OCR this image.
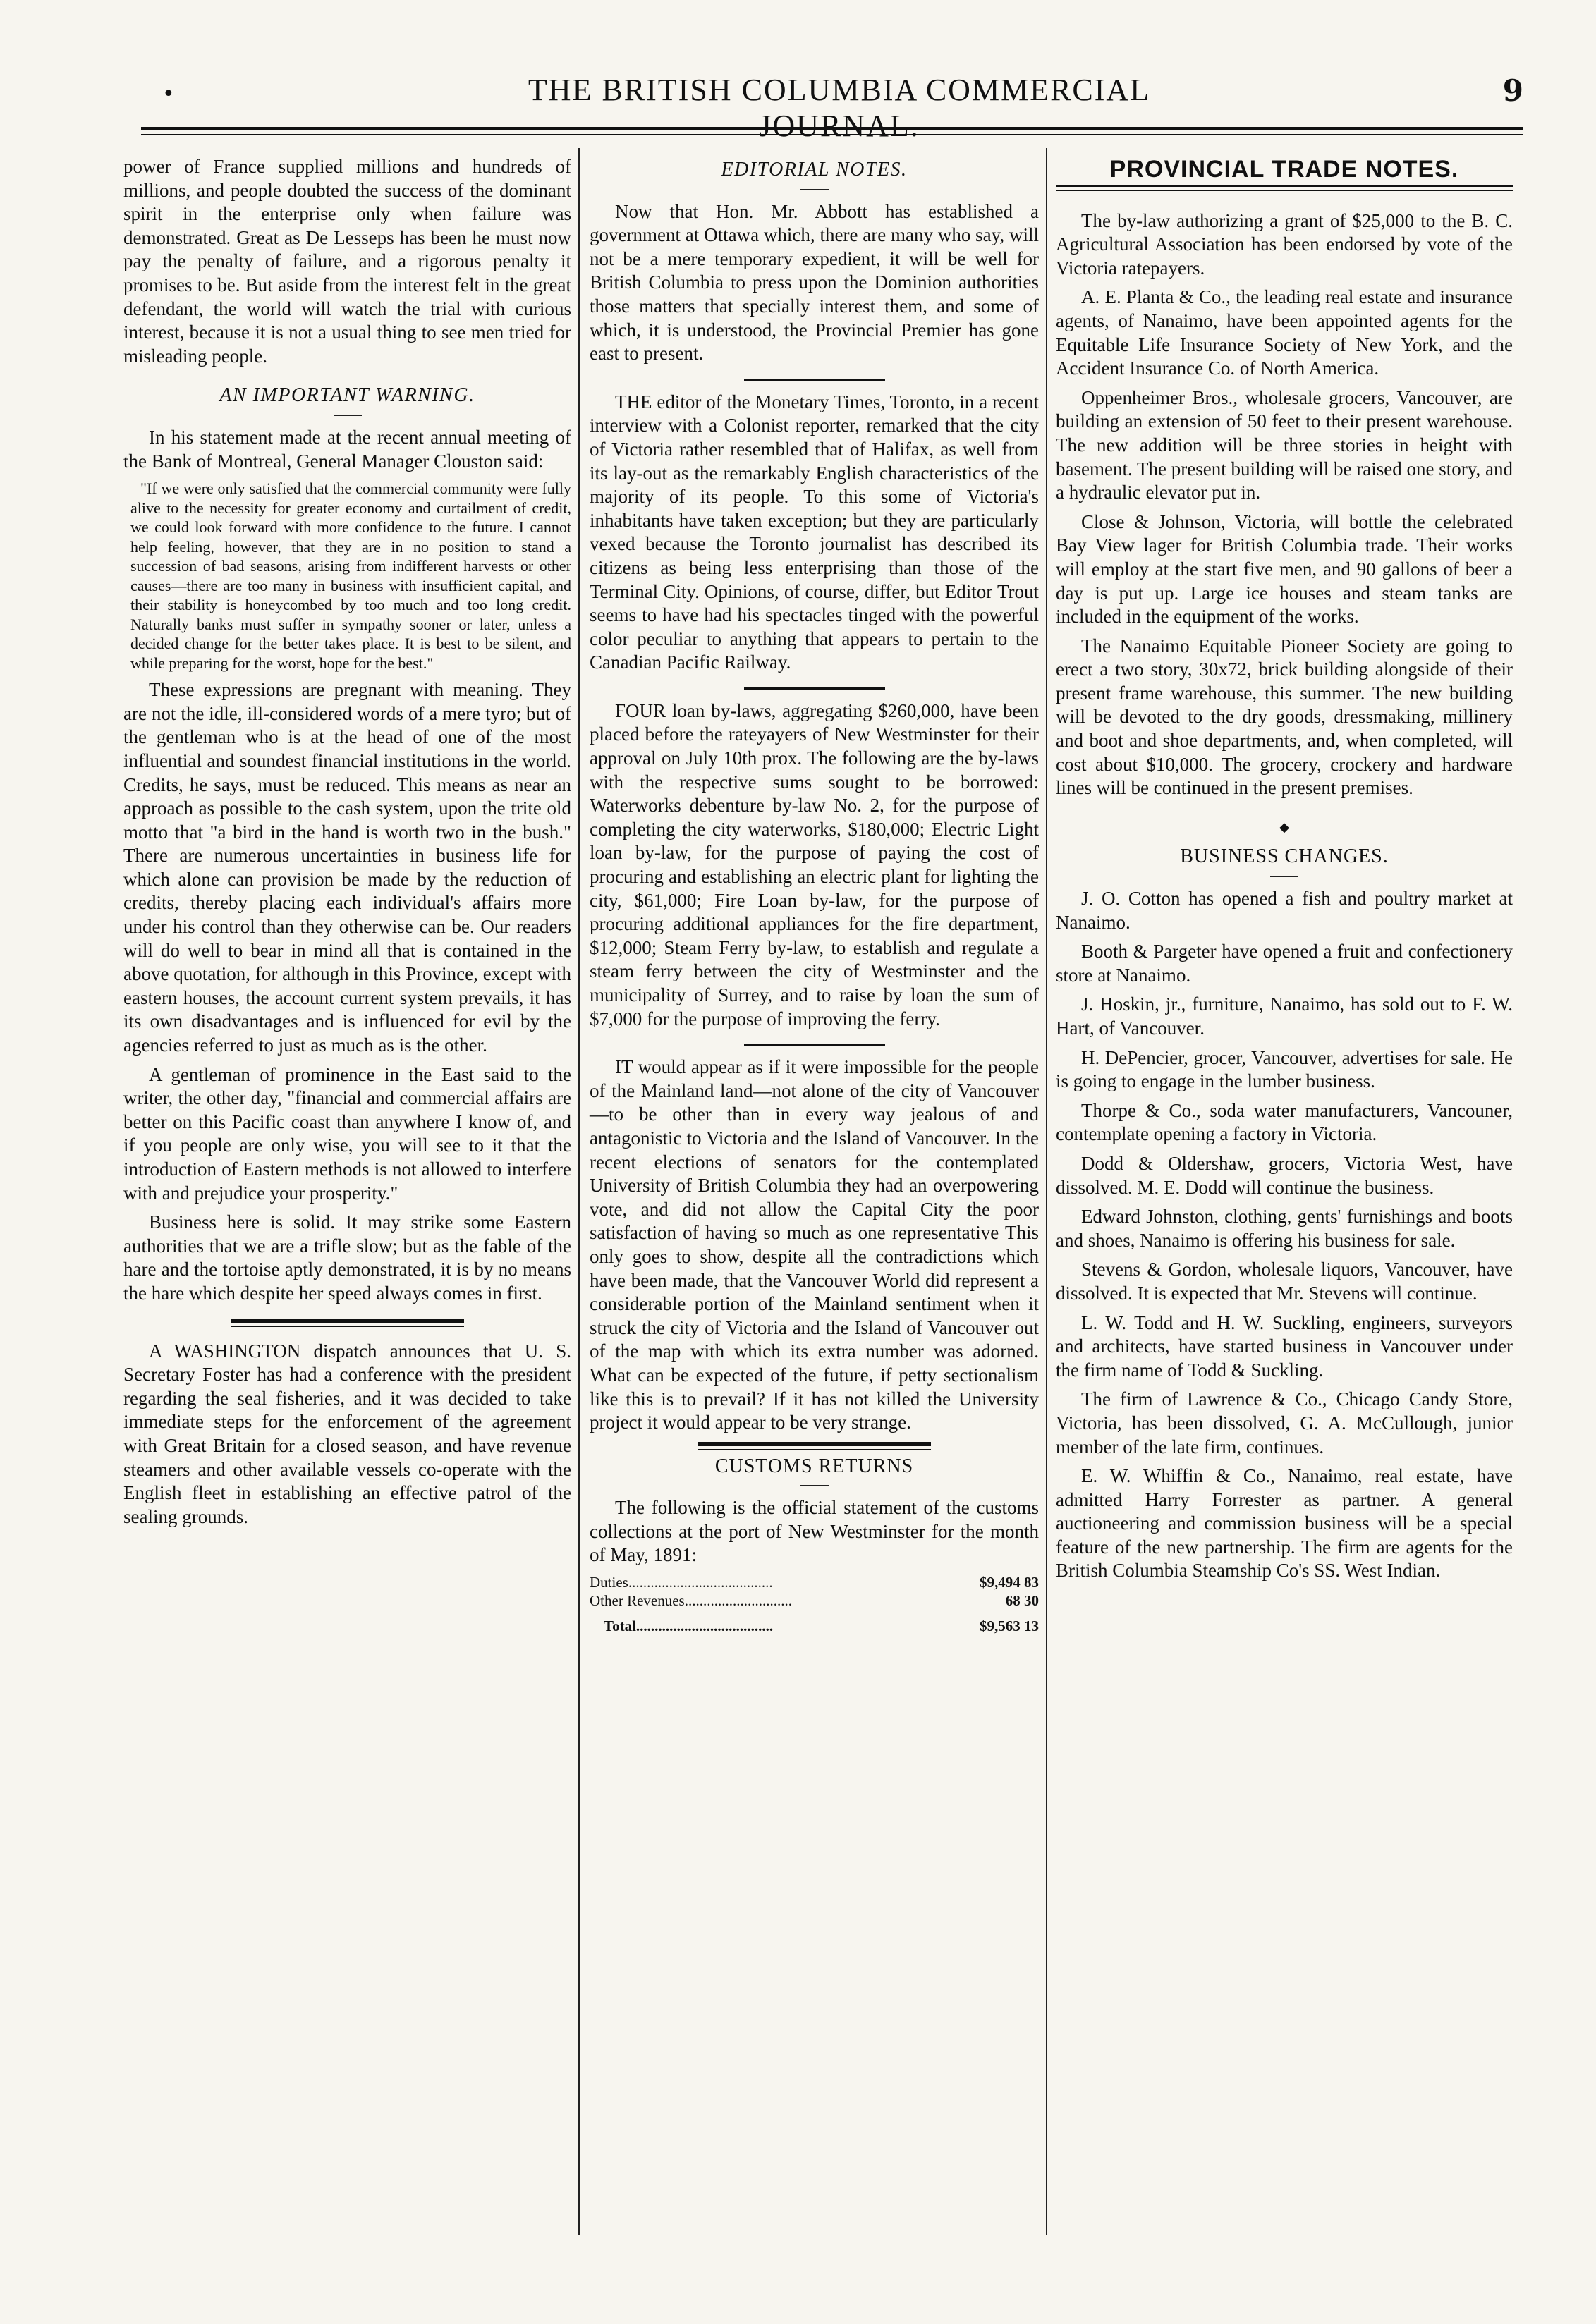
•	THE BRITISH COLUMBIA COMMERCIAL JOURNAL.
9

power of France supplied millions and hundreds of millions, and people doubted the success of the dominant spirit in the enterprise only when failure was demonstrated. Great as De Lesseps has been he must now pay the penalty of failure, and a rigorous penalty it promises to be. But aside from the interest felt in the great defendant, the world will watch the trial with curious interest, because it is not a usual thing to see men tried for misleading people.

AN IMPORTANT WARNING.

In his statement made at the recent annual meeting of the Bank of Montreal, General Manager Clouston said:

"If we were only satisfied that the commercial community were fully alive to the necessity for greater economy and curtailment of credit, we could look forward with more confidence to the future. I cannot help feeling, however, that they are in no position to stand a succession of bad seasons, arising from indifferent harvests or other causes—there are too many in business with insufficient capital, and their stability is honeycombed by too much and too long credit. Naturally banks must suffer in sympathy sooner or later, unless a decided change for the better takes place. It is best to be silent, and while preparing for the worst, hope for the best."

These expressions are pregnant with meaning. They are not the idle, ill-considered words of a mere tyro; but of the gentleman who is at the head of one of the most influential and soundest financial institutions in the world. Credits, he says, must be reduced. This means as near an approach as possible to the cash system, upon the trite old motto that "a bird in the hand is worth two in the bush." There are numerous uncertainties in business life for which alone can provision be made by the reduction of credits, thereby placing each individual's affairs more under his control than they otherwise can be. Our readers will do well to bear in mind all that is contained in the above quotation, for although in this Province, except with eastern houses, the account current system prevails, it has its own disadvantages and is influenced for evil by the agencies referred to just as much as is the other.

A gentleman of prominence in the East said to the writer, the other day, "financial and commercial affairs are better on this Pacific coast than anywhere I know of, and if you people are only wise, you will see to it that the introduction of Eastern methods is not allowed to interfere with and prejudice your prosperity."

Business here is solid. It may strike some Eastern authorities that we are a trifle slow; but as the fable of the hare and the tortoise aptly demonstrated, it is by no means the hare which despite her speed always comes in first.

A WASHINGTON dispatch announces that U. S. Secretary Foster has had a conference with the president regarding the seal fisheries, and it was decided to take immediate steps for the enforcement of the agreement with Great Britain for a closed season, and have revenue steamers and other available vessels co-operate with the English fleet in establishing an effective patrol of the sealing grounds.

EDITORIAL NOTES.

Now that Hon. Mr. Abbott has established a government at Ottawa which, there are many who say, will not be a mere temporary expedient, it will be well for British Columbia to press upon the Dominion authorities those matters that specially interest them, and some of which, it is understood, the Provincial Premier has gone east to present.

THE editor of the Monetary Times, Toronto, in a recent interview with a Colonist reporter, remarked that the city of Victoria rather resembled that of Halifax, as well from its lay-out as the remarkably English characteristics of the majority of its people. To this some of Victoria's inhabitants have taken exception; but they are particularly vexed because the Toronto journalist has described its citizens as being less enterprising than those of the Terminal City. Opinions, of course, differ, but Editor Trout seems to have had his spectacles tinged with the powerful color peculiar to anything that appears to pertain to the Canadian Pacific Railway.

FOUR loan by-laws, aggregating $260,000, have been placed before the rateyayers of New Westminster for their approval on July 10th prox. The following are the by-laws with the respective sums sought to be borrowed: Waterworks debenture by-law No. 2, for the purpose of completing the city waterworks, $180,000; Electric Light loan by-law, for the purpose of paying the cost of procuring and establishing an electric plant for lighting the city, $61,000; Fire Loan by-law, for the purpose of procuring additional appliances for the fire department, $12,000; Steam Ferry by-law, to establish and regulate a steam ferry between the city of Westminster and the municipality of Surrey, and to raise by loan the sum of $7,000 for the purpose of improving the ferry.

IT would appear as if it were impossible for the people of the Mainland land—not alone of the city of Vancouver—to be other than in every way jealous of and antagonistic to Victoria and the Island of Vancouver. In the recent elections of senators for the contemplated University of British Columbia they had an overpowering vote, and did not allow the Capital City the poor satisfaction of having so much as one representative This only goes to show, despite all the contradictions which have been made, that the Vancouver World did represent a considerable portion of the Mainland sentiment when it struck the city of Victoria and the Island of Vancouver out of the map with which its extra number was adorned. What can be expected of the future, if petty sectionalism like this is to prevail? If it has not killed the University project it would appear to be very strange.

CUSTOMS RETURNS

The following is the official statement of the customs collections at the port of New Westminster for the month of May, 1891:

Duties.......................................	$9,494 83
Other Revenues.............................	68 30
Total.....................................	$9,563 13
PROVINCIAL TRADE NOTES.

The by-law authorizing a grant of $25,000 to the B. C. Agricultural Association has been endorsed by vote of the Victoria ratepayers.

A. E. Planta & Co., the leading real estate and insurance agents, of Nanaimo, have been appointed agents for the Equitable Life Insurance Society of New York, and the Accident Insurance Co. of North America.

Oppenheimer Bros., wholesale grocers, Vancouver, are building an extension of 50 feet to their present warehouse. The new addition will be three stories in height with basement. The present building will be raised one story, and a hydraulic elevator put in.

Close & Johnson, Victoria, will bottle the celebrated Bay View lager for British Columbia trade. Their works will employ at the start five men, and 90 gallons of beer a day is put up. Large ice houses and steam tanks are included in the equipment of the works.

The Nanaimo Equitable Pioneer Society are going to erect a two story, 30x72, brick building alongside of their present frame warehouse, this summer. The new building will be devoted to the dry goods, dressmaking, millinery and boot and shoe departments, and, when completed, will cost about $10,000. The grocery, crockery and hardware lines will be continued in the present premises.

◆
BUSINESS CHANGES.

J. O. Cotton has opened a fish and poultry market at Nanaimo.

Booth & Pargeter have opened a fruit and confectionery store at Nanaimo.

J. Hoskin, jr., furniture, Nanaimo, has sold out to F. W. Hart, of Vancouver.

H. DePencier, grocer, Vancouver, advertises for sale. He is going to engage in the lumber business.

Thorpe & Co., soda water manufacturers, Vancouner, contemplate opening a factory in Victoria.

Dodd & Oldershaw, grocers, Victoria West, have dissolved. M. E. Dodd will continue the business.

Edward Johnston, clothing, gents' furnishings and boots and shoes, Nanaimo is offering his business for sale.

Stevens & Gordon, wholesale liquors, Vancouver, have dissolved. It is expected that Mr. Stevens will continue.

L. W. Todd and H. W. Suckling, engineers, surveyors and architects, have started business in Vancouver under the firm name of Todd & Suckling.

The firm of Lawrence & Co., Chicago Candy Store, Victoria, has been dissolved, G. A. McCullough, junior member of the late firm, continues.

E. W. Whiffin & Co., Nanaimo, real estate, have admitted Harry Forrester as partner. A general auctioneering and commission business will be a special feature of the new partnership. The firm are agents for the British Columbia Steamship Co's SS. West Indian.
